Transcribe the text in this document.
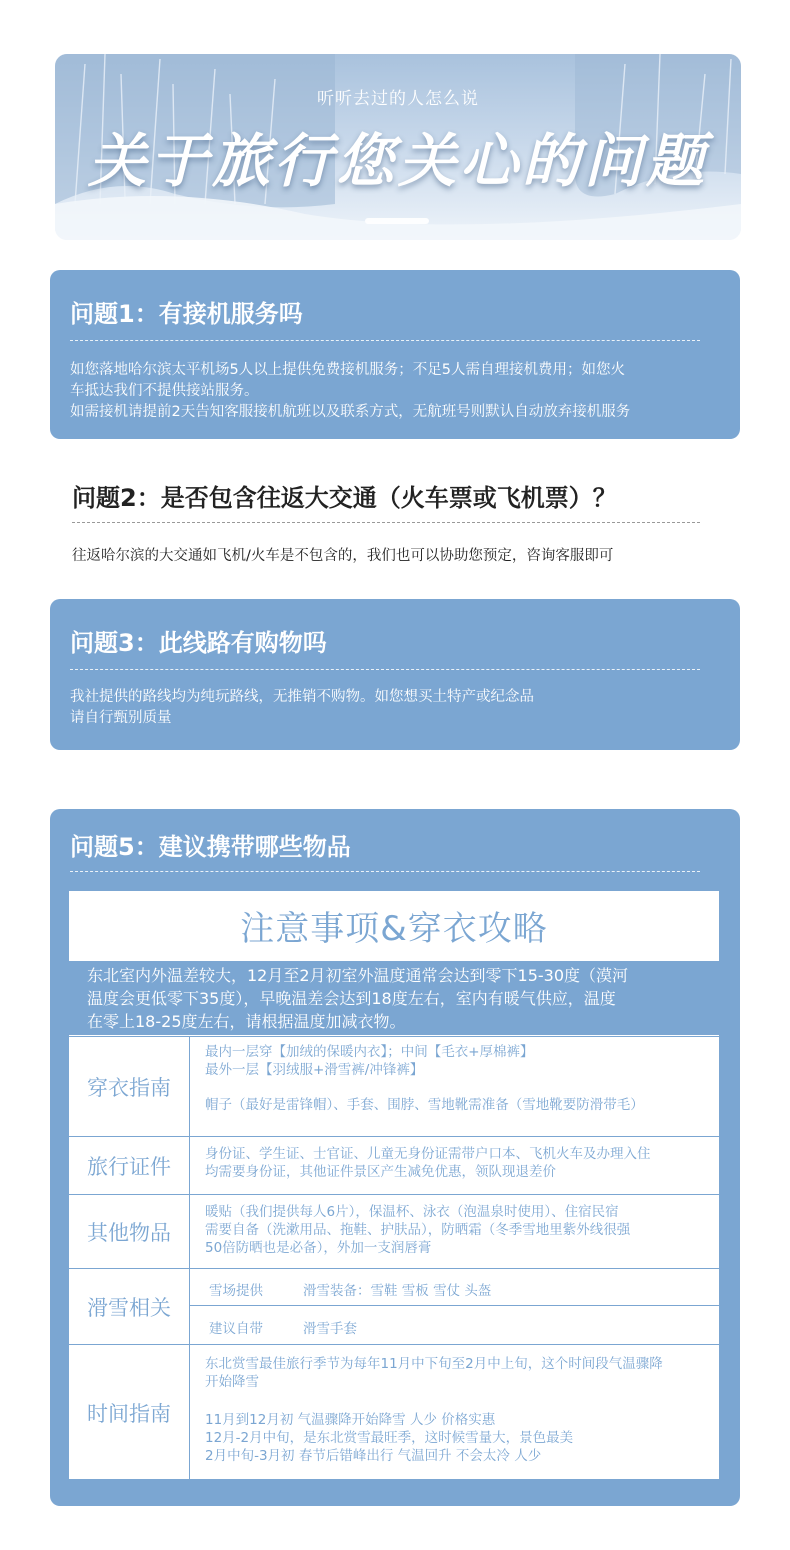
听听去过的人怎么说
关于旅行您关心的问题
问题1：有接机服务吗
如您落地哈尔滨太平机场5人以上提供免费接机服务；不足5人需自理接机费用；如您火
车抵达我们不提供接站服务。
如需接机请提前2天告知客服接机航班以及联系方式，无航班号则默认自动放弃接机服务
问题2：是否包含往返大交通（火车票或飞机票）？
往返哈尔滨的大交通如飞机/火车是不包含的，我们也可以协助您预定，咨询客服即可
问题3：此线路有购物吗
我社提供的路线均为纯玩路线，无推销不购物。如您想买土特产或纪念品
请自行甄别质量
问题5：建议携带哪些物品
注意事项&穿衣攻略
东北室内外温差较大，12月至2月初室外温度通常会达到零下15-30度（漠河
温度会更低零下35度），早晚温差会达到18度左右，室内有暖气供应，温度
在零上18-25度左右，请根据温度加减衣物。
穿衣指南
最内一层穿【加绒的保暖内衣】；中间【毛衣+厚棉裤】
最外一层【羽绒服+滑雪裤/冲锋裤】
帽子（最好是雷锋帽）、手套、围脖、雪地靴需准备（雪地靴要防滑带毛）
旅行证件
身份证、学生证、士官证、儿童无身份证需带户口本、飞机火车及办理入住
均需要身份证，其他证件景区产生减免优惠，领队现退差价
其他物品
暖贴（我们提供每人6片），保温杯、泳衣（泡温泉时使用）、住宿民宿
需要自备（洗漱用品、拖鞋、护肤品），防晒霜（冬季雪地里紫外线很强
50倍防晒也是必备），外加一支润唇膏
滑雪相关
雪场提供	滑雪装备：雪鞋 雪板 雪仗 头盔
建议自带	滑雪手套
时间指南
东北赏雪最佳旅行季节为每年11月中下旬至2月中上旬，这个时间段气温骤降
开始降雪
11月到12月初 气温骤降开始降雪 人少 价格实惠
12月-2月中旬，是东北赏雪最旺季，这时候雪量大，景色最美
2月中旬-3月初 春节后错峰出行 气温回升 不会太冷 人少
